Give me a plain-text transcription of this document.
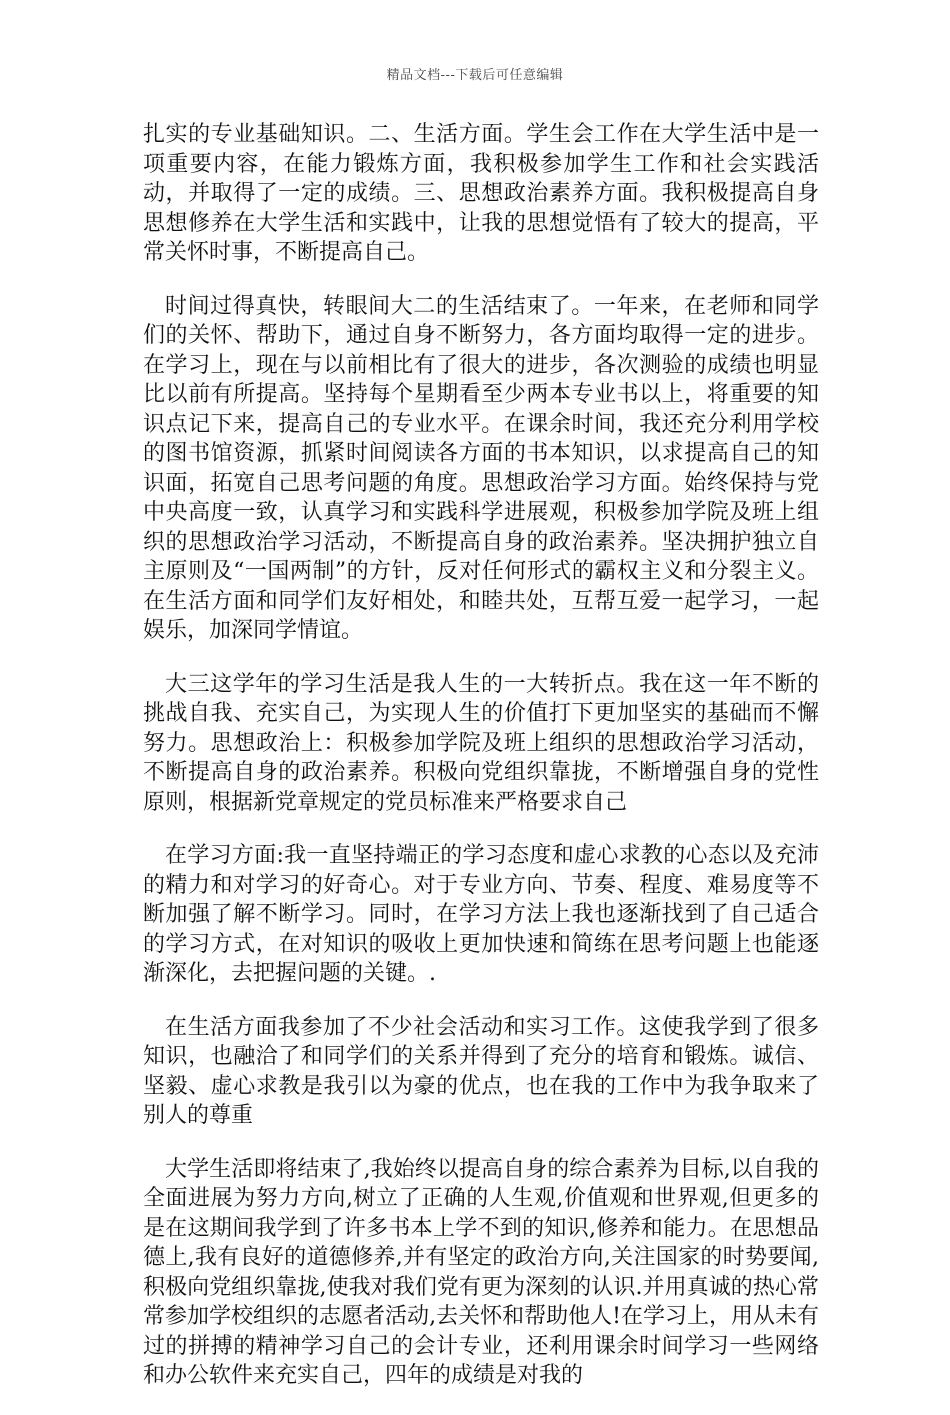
精品文档---下载后可任意编辑

扎实的专业基础知识。二、生活方面。学生会工作在大学生活中是一项重要内容，在能力锻炼方面，我积极参加学生工作和社会实践活动，并取得了一定的成绩。三、思想政治素养方面。我积极提高自身思想修养在大学生活和实践中，让我的思想觉悟有了较大的提高，平常关怀时事，不断提高自己。

时间过得真快，转眼间大二的生活结束了。一年来，在老师和同学们的关怀、帮助下，通过自身不断努力，各方面均取得一定的进步。在学习上，现在与以前相比有了很大的进步，各次测验的成绩也明显比以前有所提高。坚持每个星期看至少两本专业书以上，将重要的知识点记下来，提高自己的专业水平。在课余时间，我还充分利用学校的图书馆资源，抓紧时间阅读各方面的书本知识，以求提高自己的知识面，拓宽自己思考问题的角度。思想政治学习方面。始终保持与党中央高度一致，认真学习和实践科学进展观，积极参加学院及班上组织的思想政治学习活动，不断提高自身的政治素养。坚决拥护独立自主原则及“一国两制”的方针，反对任何形式的霸权主义和分裂主义。在生活方面和同学们友好相处，和睦共处，互帮互爱一起学习，一起娱乐，加深同学情谊。

大三这学年的学习生活是我人生的一大转折点。我在这一年不断的挑战自我、充实自己，为实现人生的价值打下更加坚实的基础而不懈努力。思想政治上：积极参加学院及班上组织的思想政治学习活动，不断提高自身的政治素养。积极向党组织靠拢，不断增强自身的党性原则，根据新党章规定的党员标准来严格要求自己

在学习方面:我一直坚持端正的学习态度和虚心求教的心态以及充沛的精力和对学习的好奇心。对于专业方向、节奏、程度、难易度等不断加强了解不断学习。同时，在学习方法上我也逐渐找到了自己适合的学习方式，在对知识的吸收上更加快速和简练在思考问题上也能逐渐深化，去把握问题的关键。.

在生活方面我参加了不少社会活动和实习工作。这使我学到了很多知识，也融洽了和同学们的关系并得到了充分的培育和锻炼。诚信、坚毅、虚心求教是我引以为豪的优点，也在我的工作中为我争取来了别人的尊重

大学生活即将结束了,我始终以提高自身的综合素养为目标,以自我的全面进展为努力方向,树立了正确的人生观,价值观和世界观,但更多的是在这期间我学到了许多书本上学不到的知识,修养和能力。在思想品德上,我有良好的道德修养,并有坚定的政治方向,关注国家的时势要闻,积极向党组织靠拢,使我对我们党有更为深刻的认识.并用真诚的热心常常参加学校组织的志愿者活动,去关怀和帮助他人!在学习上，用从未有过的拼搏的精神学习自己的会计专业，还利用课余时间学习一些网络和办公软件来充实自己，四年的成绩是对我的
